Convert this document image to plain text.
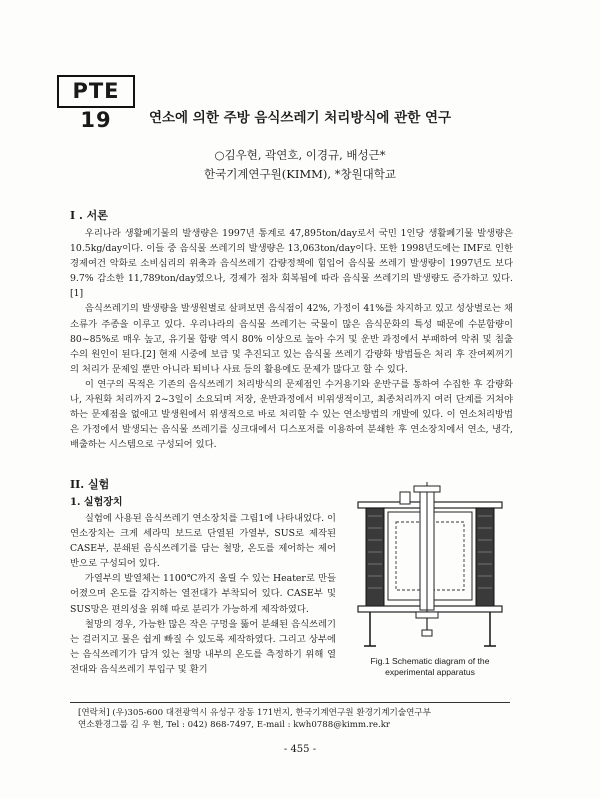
PTE 19	연소에 의한 주방 음식쓰레기 처리방식에 관한 연구
○김우현, 곽연호, 이경규, 배성근*
한국기계연구원(KIMM), *창원대학교
I . 서론

우리나라 생활폐기물의 발생량은 1997년 통계로 47,895ton/day로서 국민 1인당 생활폐기물 발생량은 10.5kg/day이다. 이들 중 음식물 쓰레기의 발생량은 13,063ton/day이다. 또한 1998년도에는 IMF로 인한 경제여건 악화로 소비심리의 위축과 음식쓰레기 감량정책에 힘입어 음식물 쓰레기 발생량이 1997년도 보다 9.7% 감소한 11,789ton/day였으나, 경제가 점차 회복됨에 따라 음식물 쓰레기의 발생량도 증가하고 있다.[1]

음식쓰레기의 발생량을 발생원별로 살펴보면 음식점이 42%, 가정이 41%를 차지하고 있고 성상별로는 채소류가 주종을 이루고 있다. 우리나라의 음식물 쓰레기는 국물이 많은 음식문화의 특성 때문에 수분함량이 80~85%로 매우 높고, 유기물 함량 역시 80% 이상으로 높아 수거 및 운반 과정에서 부패하여 악취 및 침출수의 원인이 된다.[2] 현재 시중에 보급 및 추진되고 있는 음식물 쓰레기 감량화 방법들은 처리 후 잔여찌꺼기의 처리가 문제일 뿐만 아니라 퇴비나 사료 등의 활용에도 문제가 많다고 할 수 있다.

이 연구의 목적은 기존의 음식쓰레기 처리방식의 문제점인 수거용기와 운반구를 통하여 수집한 후 감량화나, 자원화 처리까지 2~3일이 소요되며 저장, 운반과정에서 비위생적이고, 최종처리까지 여러 단계를 거쳐야 하는 문제점을 없애고 발생원에서 위생적으로 바로 처리할 수 있는 연소방법의 개발에 있다. 이 연소처리방법은 가정에서 발생되는 음식물 쓰레기를 싱크대에서 디스포저를 이용하여 분쇄한 후 연소장치에서 연소, 냉각, 배출하는 시스템으로 구성되어 있다.

II. 실험
1. 실험장치

실험에 사용된 음식쓰레기 연소장치를 그림1에 나타내었다. 이 연소장치는 크게 세라믹 보드로 단열된 가열부, SUS로 제작된 CASE부, 분쇄된 음식쓰레기를 담는 철망, 온도를 제어하는 제어반으로 구성되어 있다.

가열부의 발열체는 1100℃까지 올릴 수 있는 Heater로 만들어졌으며 온도를 감지하는 열전대가 부착되어 있다. CASE부 및 SUS망은 편의성을 위해 따로 분리가 가능하게 제작하였다.

철망의 경우, 가능한 많은 작은 구멍을 뚫어 분쇄된 음식쓰레기는 걸러지고 물은 쉽게 빠질 수 있도록 제작하였다. 그리고 상부에는 음식쓰레기가 담겨 있는 철망 내부의 온도를 측정하기 위해 열전대와 음식쓰레기 투입구 및 환기

Fig.1 Schematic diagram of the
experimental apparatus
[연락처] (우)305-600 대전광역시 유성구 장동 171번지, 한국기계연구원 환경기계기술연구부
연소환경그룹 김 우 현, Tel : 042) 868-7497, E-mail : kwh0788@kimm.re.kr
- 455 -
